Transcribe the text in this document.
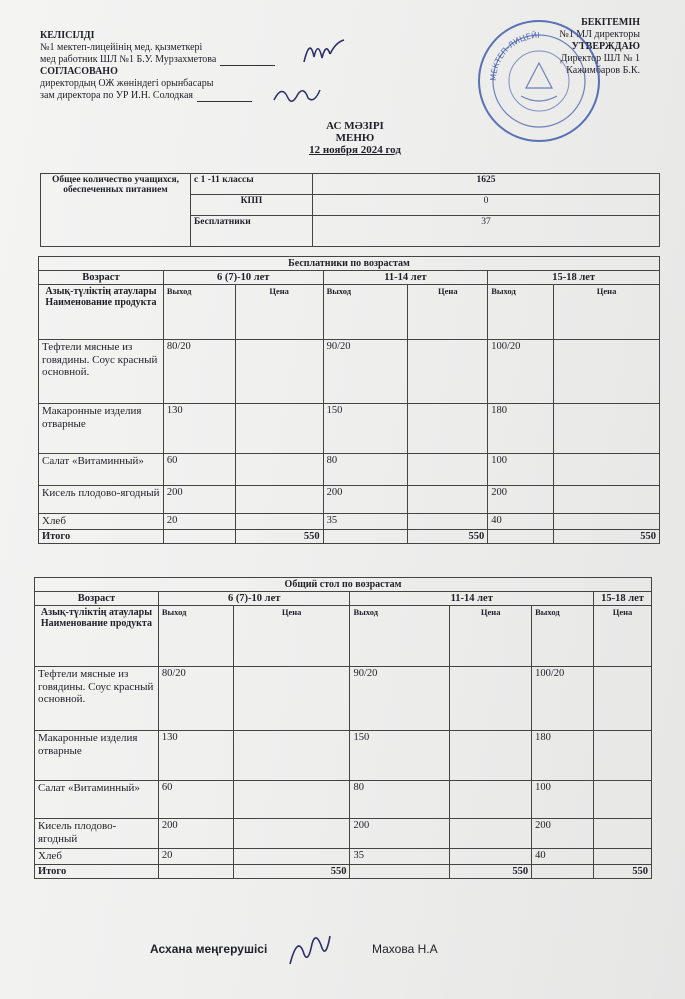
КЕЛІСІЛДІ
№1 мектеп-лицейінің мед. қызметкері
мед работник ШЛ №1 Б.У. Мурзахметова
СОГЛАСОВАНО
директордың ОЖ жөніндегі орынбасары
зам директора по УР И.Н. Солодкая
БЕКІТЕМІН
№1 МЛ директоры
УТВЕРЖДАЮ
Директор ШЛ № 1
Кажимбаров Б.К.
МЕКТЕП-ЛИЦЕЙІ
АС МӘЗІРІ
МЕНЮ
12 ноября 2024 год
Общее количество учащихся, обеспеченных питанием	с 1 -11 классы	1625
	КПП	0
	Бесплатники	37
Бесплатники по возрастам						
Возраст	6 (7)-10 лет		11-14 лет		15-18 лет	
Азық-түліктің атаулары Наименование продукта	Выход	Цена	Выход	Цена	Выход	Цена
Тефтели мясные из говядины. Соус красный основной.	80/20		90/20		100/20	
Макаронные изделия отварные	130		150		180	
Салат «Витаминный»	60		80		100	
Кисель плодово-ягодный	200		200		200	
Хлеб	20		35		40	
Итого		550		550		550
Общий стол по возрастам						
Возраст	6 (7)-10 лет		11-14 лет			15-18 лет
Азық-түліктің атаулары Наименование продукта	Выход	Цена	Выход	Цена	Выход	Цена
Тефтели мясные из говядины. Соус красный основной.	80/20		90/20		100/20	
Макаронные изделия отварные	130		150		180	
Салат «Витаминный»	60		80		100	
Кисель плодово-ягодный	200		200		200	
Хлеб	20		35		40	
Итого		550		550		550
Асхана меңгерушісі	Махова Н.А
